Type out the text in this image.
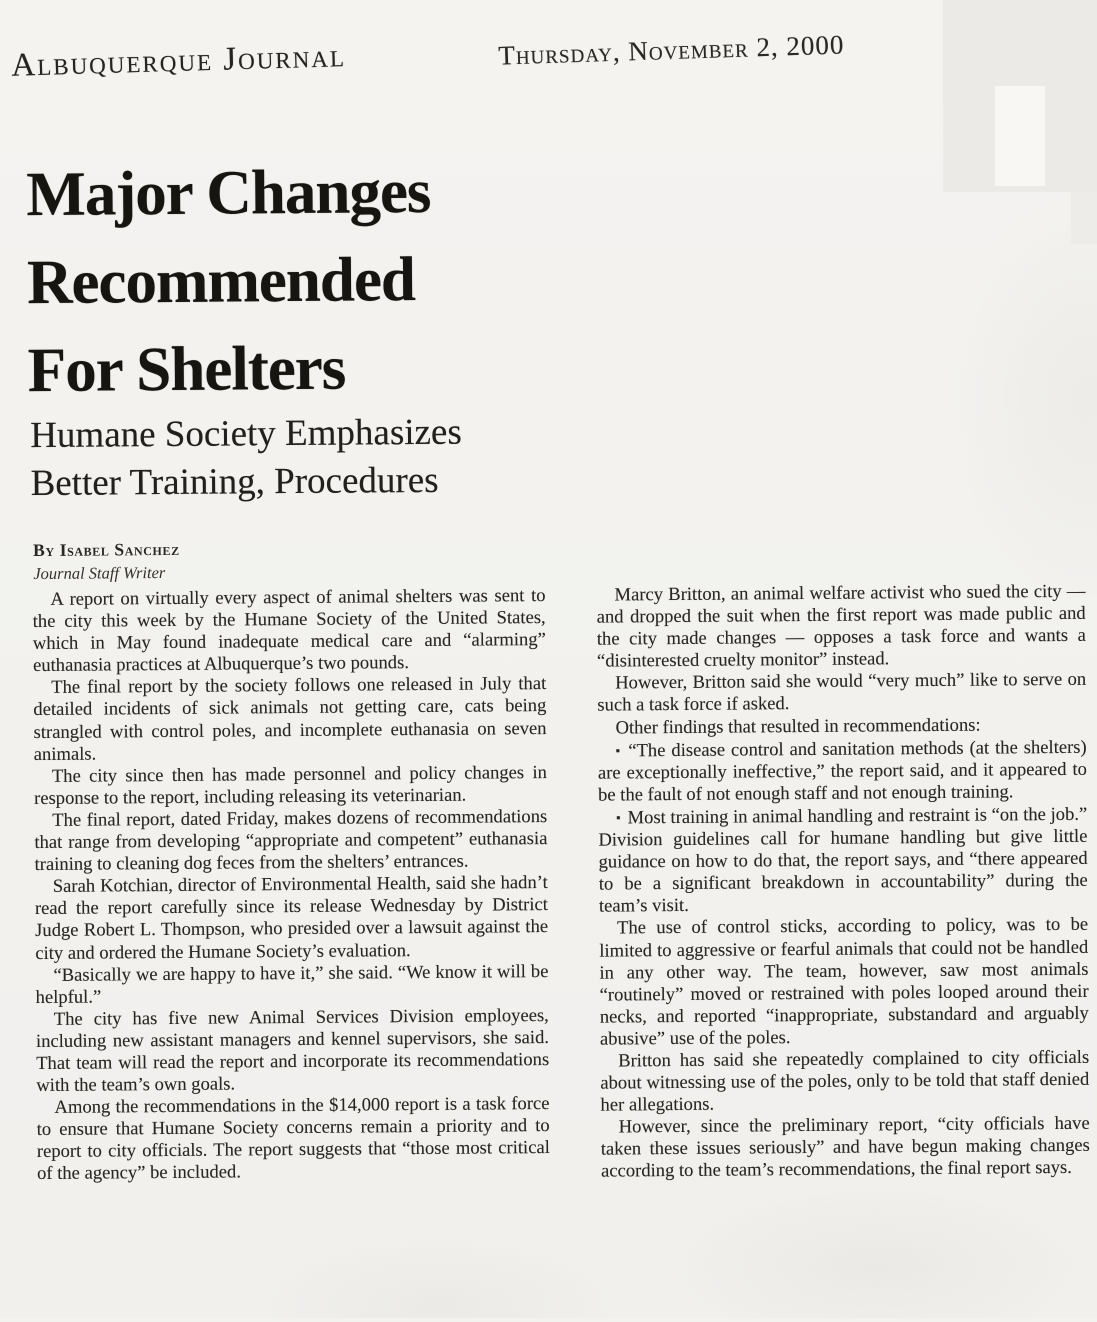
Albuquerque Journal	Thursday, November 2, 2000
Major Changes
Recommended
For Shelters
Humane Society Emphasizes
Better Training, Procedures
By Isabel Sanchez
Journal Staff Writer

A report on virtually every aspect of animal shelters was sent to the city this week by the Humane Society of the United States, which in May found inadequate medical care and “alarming” euthanasia practices at Albuquerque’s two pounds.

The final report by the society follows one released in July that detailed incidents of sick animals not getting care, cats being strangled with control poles, and incomplete euthanasia on seven animals.

The city since then has made personnel and policy changes in response to the report, including releasing its veterinarian.

The final report, dated Friday, makes dozens of recommendations that range from developing “appropriate and competent” euthanasia training to cleaning dog feces from the shelters’ entrances.

Sarah Kotchian, director of Environmental Health, said she hadn’t read the report carefully since its release Wednesday by District Judge Robert L. Thompson, who presided over a lawsuit against the city and ordered the Humane Society’s evaluation.

“Basically we are happy to have it,” she said. “We know it will be helpful.”

The city has five new Animal Services Division employees, including new assistant managers and kennel supervisors, she said. That team will read the report and incorporate its recommendations with the team’s own goals.

Among the recommendations in the $14,000 report is a task force to ensure that Humane Society concerns remain a priority and to report to city officials. The report suggests that “those most critical of the agency” be included.

Marcy Britton, an animal welfare activist who sued the city — and dropped the suit when the first report was made public and the city made changes — opposes a task force and wants a “disinterested cruelty monitor” instead.

However, Britton said she would “very much” like to serve on such a task force if asked.

Other findings that resulted in recommendations:

▪ “The disease control and sanitation methods (at the shelters) are exceptionally ineffective,” the report said, and it appeared to be the fault of not enough staff and not enough training.

▪ Most training in animal handling and restraint is “on the job.” Division guidelines call for humane handling but give little guidance on how to do that, the report says, and “there appeared to be a significant breakdown in accountability” during the team’s visit.

The use of control sticks, according to policy, was to be limited to aggressive or fearful animals that could not be handled in any other way. The team, however, saw most animals “routinely” moved or restrained with poles looped around their necks, and reported “inappropriate, substandard and arguably abusive” use of the poles.

Britton has said she repeatedly complained to city officials about witnessing use of the poles, only to be told that staff denied her allegations.

However, since the preliminary report, “city officials have taken these issues seriously” and have begun making changes according to the team’s recommendations, the final report says.
